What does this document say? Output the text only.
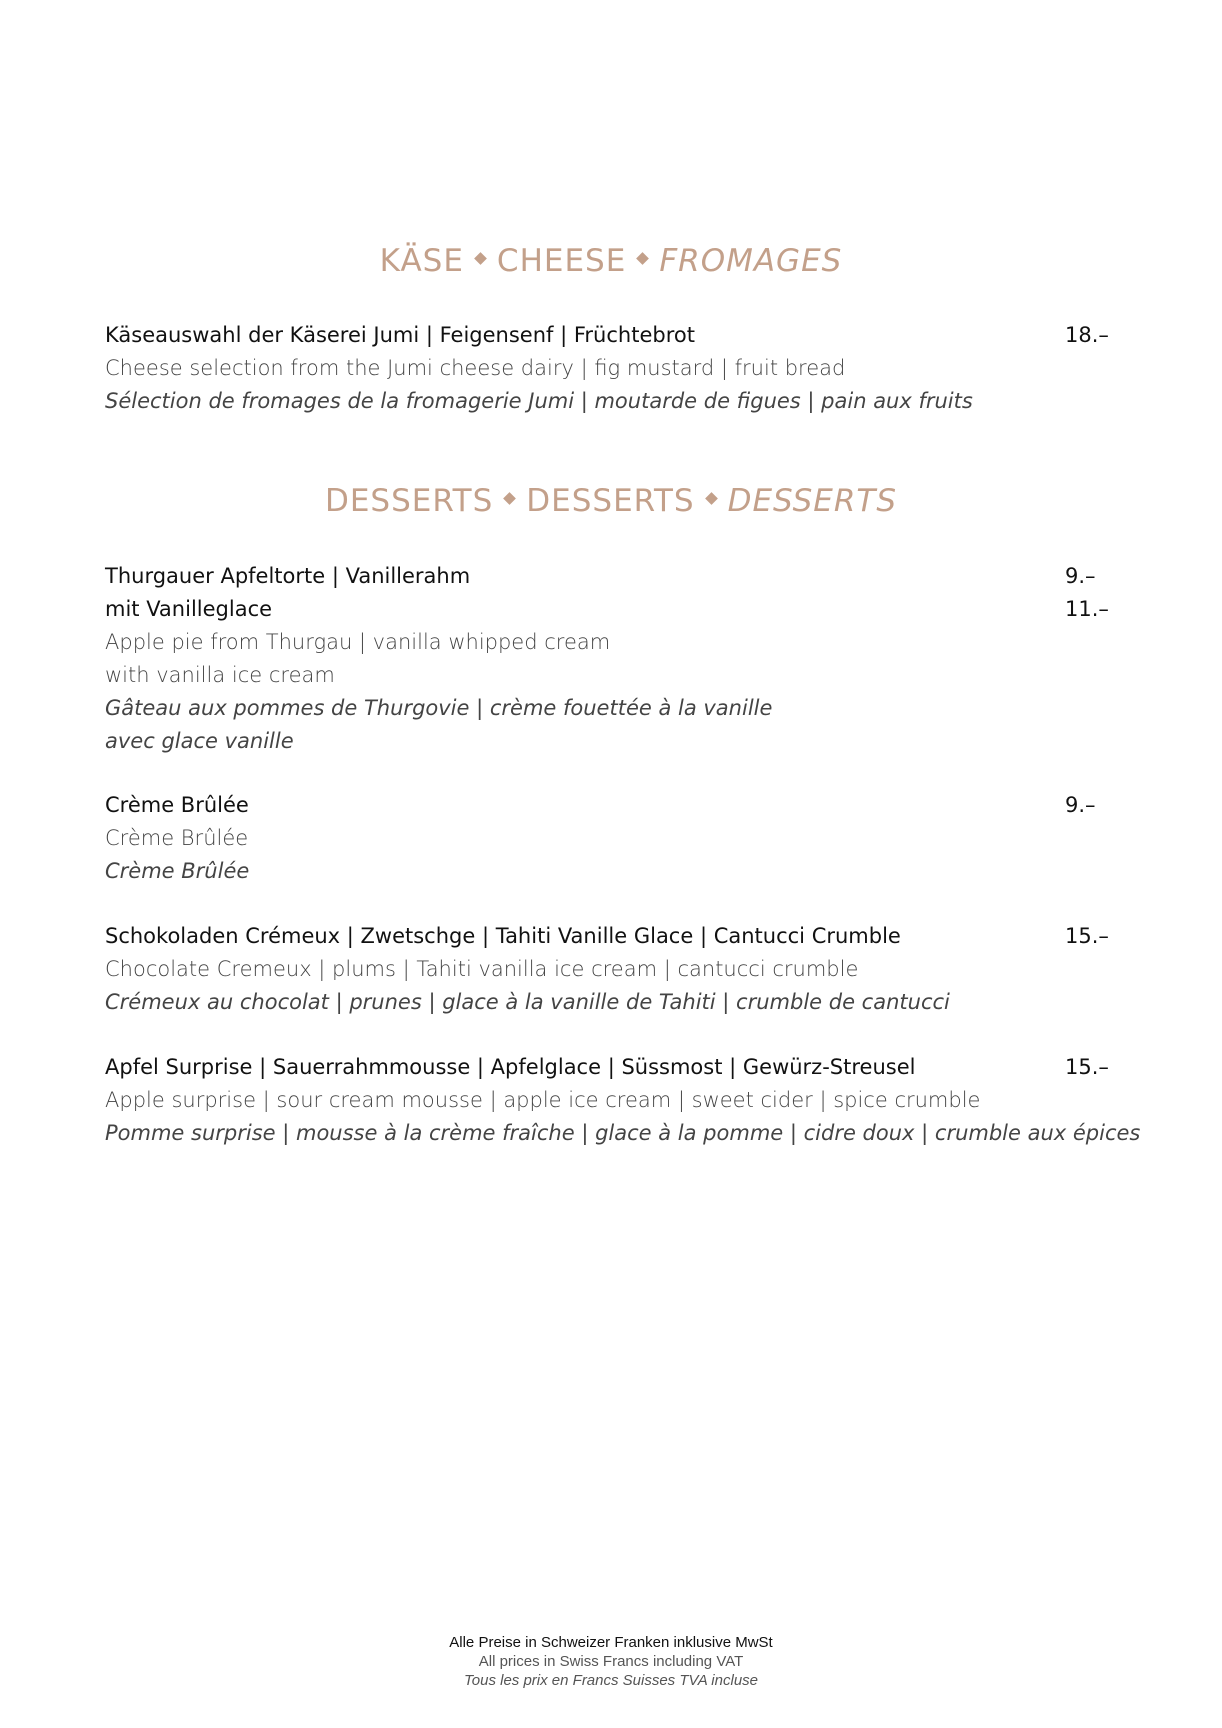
KÄSE CHEESE FROMAGES
Käseauswahl der Käserei Jumi | Feigensenf | Früchtebrot	18.–
Cheese selection from the Jumi cheese dairy | fig mustard | fruit bread
Sélection de fromages de la fromagerie Jumi | moutarde de figues | pain aux fruits
DESSERTS DESSERTS DESSERTS
Thurgauer Apfeltorte | Vanillerahm	9.–
mit Vanilleglace	11.–
Apple pie from Thurgau | vanilla whipped cream
with vanilla ice cream
Gâteau aux pommes de Thurgovie | crème fouettée à la vanille
avec glace vanille
Crème Brûlée	9.–
Crème Brûlée
Crème Brûlée
Schokoladen Crémeux | Zwetschge | Tahiti Vanille Glace | Cantucci Crumble	15.–
Chocolate Cremeux | plums | Tahiti vanilla ice cream | cantucci crumble
Crémeux au chocolat | prunes | glace à la vanille de Tahiti | crumble de cantucci
Apfel Surprise | Sauerrahmmousse | Apfelglace | Süssmost | Gewürz-Streusel	15.–
Apple surprise | sour cream mousse | apple ice cream | sweet cider | spice crumble
Pomme surprise | mousse à la crème fraîche | glace à la pomme | cidre doux | crumble aux épices
Alle Preise in Schweizer Franken inklusive MwSt
All prices in Swiss Francs including VAT
Tous les prix en Francs Suisses TVA incluse
